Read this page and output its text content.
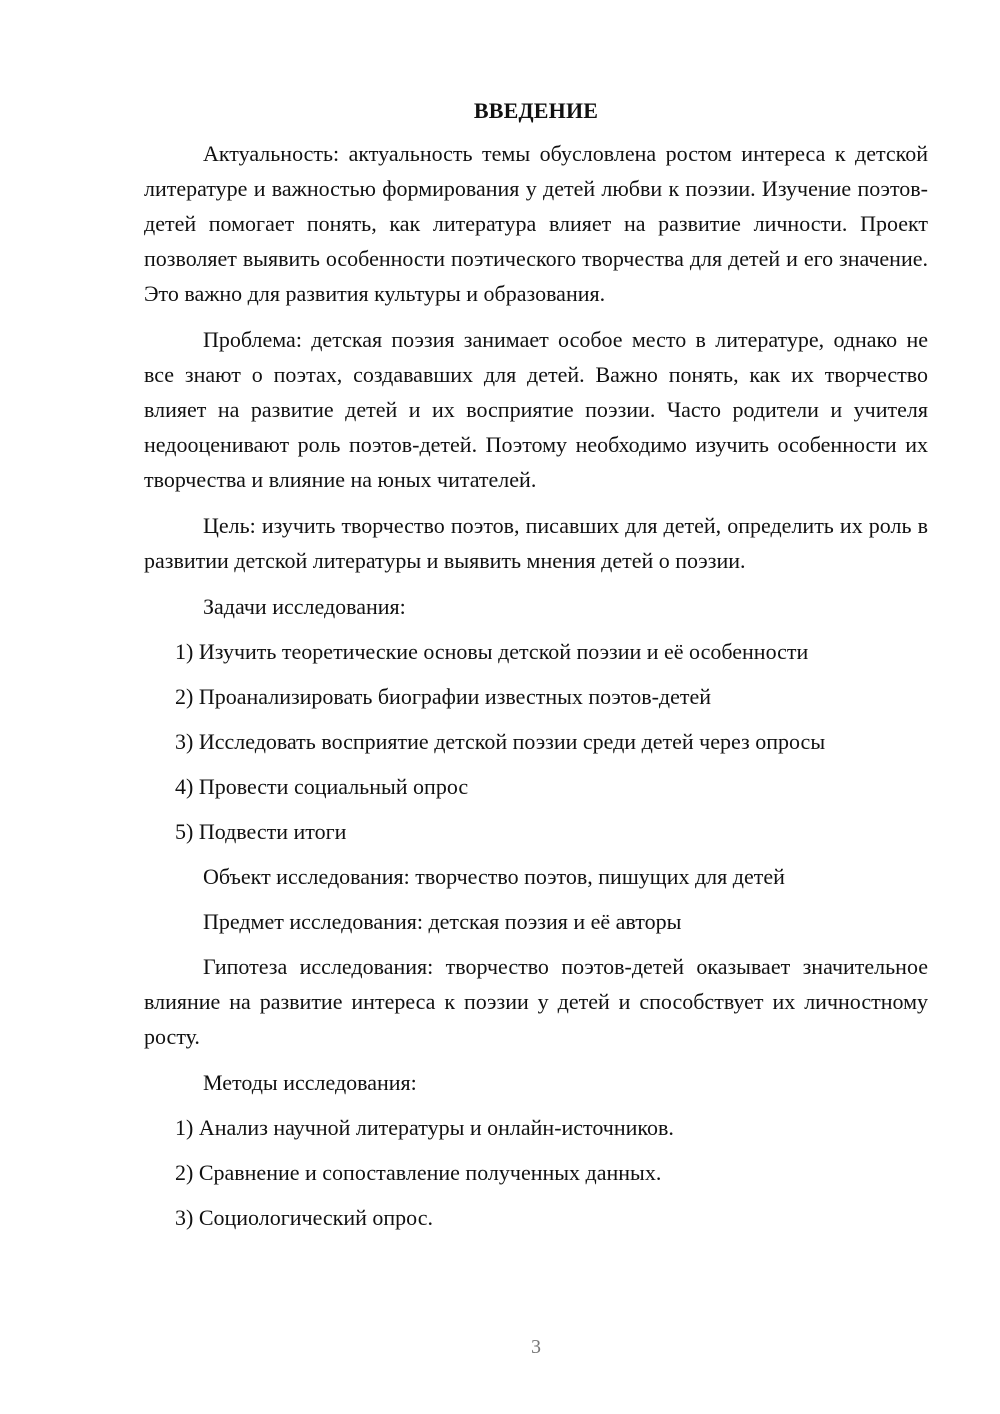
ВВЕДЕНИЕ

Актуальность: актуальность темы обусловлена ростом интереса к детской литературе и важностью формирования у детей любви к поэзии. Изучение поэтов-детей помогает понять, как литература влияет на развитие личности. Проект позволяет выявить особенности поэтического творчества для детей и его значение. Это важно для развития культуры и образования.

Проблема: детская поэзия занимает особое место в литературе, однако не все знают о поэтах, создававших для детей. Важно понять, как их творчество влияет на развитие детей и их восприятие поэзии. Часто родители и учителя недооценивают роль поэтов-детей. Поэтому необходимо изучить особенности их творчества и влияние на юных читателей.

Цель: изучить творчество поэтов, писавших для детей, определить их роль в развитии детской литературы и выявить мнения детей о поэзии.

Задачи исследования:

1) Изучить теоретические основы детской поэзии и её особенности

2) Проанализировать биографии известных поэтов-детей

3) Исследовать восприятие детской поэзии среди детей через опросы

4) Провести социальный опрос

5) Подвести итоги

Объект исследования: творчество поэтов, пишущих для детей

Предмет исследования: детская поэзия и её авторы

Гипотеза исследования: творчество поэтов-детей оказывает значительное влияние на развитие интереса к поэзии у детей и способствует их личностному росту.

Методы исследования:

1) Анализ научной литературы и онлайн-источников.

2) Сравнение и сопоставление полученных данных.

3) Социологический опрос.

3
